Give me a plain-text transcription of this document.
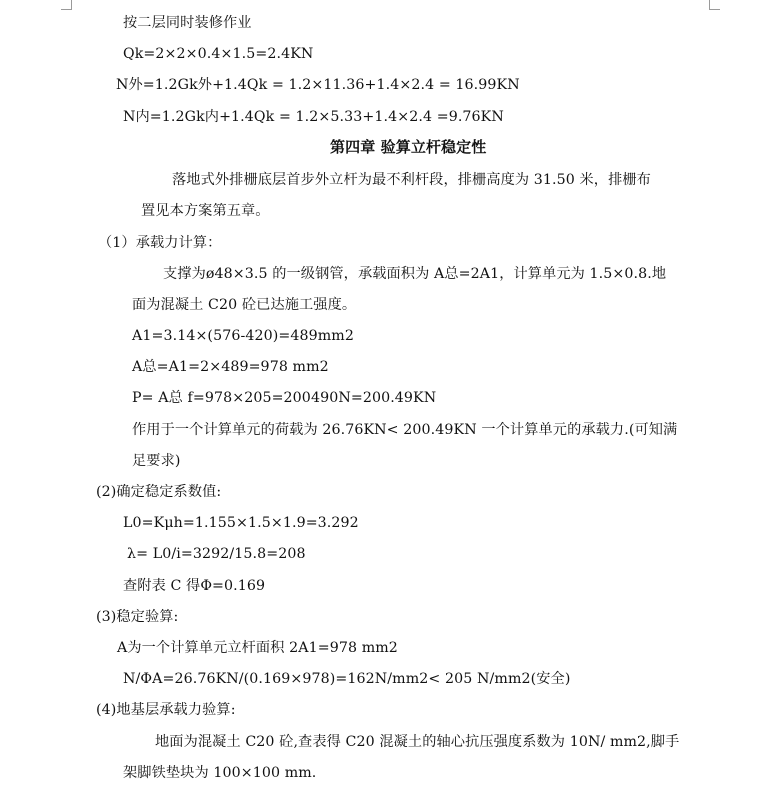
按二层同时装修作业
Qk=2×2×0.4×1.5=2.4KN
N外=1.2Gk外+1.4Qk = 1.2×11.36+1.4×2.4 = 16.99KN
N内=1.2Gk内+1.4Qk = 1.2×5.33+1.4×2.4 =9.76KN
第四章 验算立杆稳定性
落地式外排栅底层首步外立杆为最不利杆段，排栅高度为 31.50 米，排栅布
置见本方案第五章。
（1）承载力计算：
支撑为ø48×3.5 的一级钢管，承载面积为 A总=2A1，计算单元为 1.5×0.8.地
面为混凝土 C20 砼已达施工强度。
A1=3.14×(576-420)=489mm2
A总=A1=2×489=978 mm2
P= A总 f=978×205=200490N=200.49KN
作用于一个计算单元的荷载为 26.76KN< 200.49KN 一个计算单元的承载力.(可知满
足要求)
(2)确定稳定系数值:
L0=Kμh=1.155×1.5×1.9=3.292
λ= L0/i=3292/15.8=208
查附表 C 得Φ=0.169
(3)稳定验算:
A为一个计算单元立杆面积 2A1=978 mm2
N/ΦA=26.76KN/(0.169×978)=162N/mm2< 205 N/mm2(安全)
(4)地基层承载力验算:
地面为混凝土 C20 砼,查表得 C20 混凝土的轴心抗压强度系数为 10N/ mm2,脚手
架脚铁垫块为 100×100 mm.
